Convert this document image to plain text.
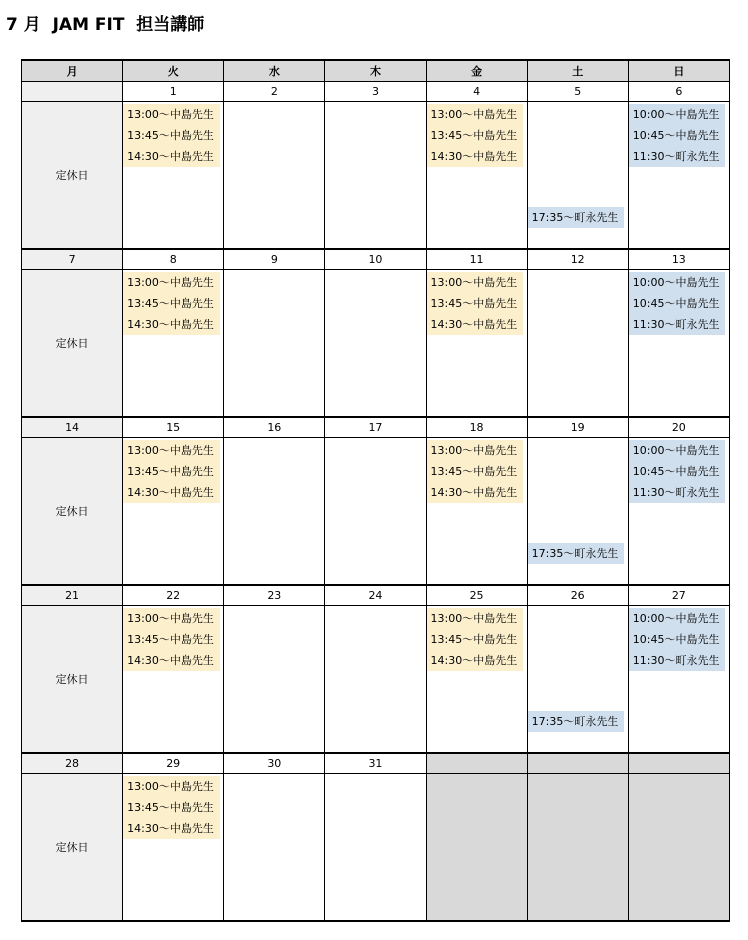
7 月  JAM FIT  担当講師
月	火	水	木	金	土	日
	1	2	3	4	5	6
定休日	13:00〜中島先生
13:45〜中島先生
14:30〜中島先生			13:00〜中島先生
13:45〜中島先生
14:30〜中島先生	17:35〜町永先生	10:00〜中島先生
10:45〜中島先生
11:30〜町永先生

7	8	9	10	11	12	13
定休日	13:00〜中島先生
13:45〜中島先生
14:30〜中島先生			13:00〜中島先生
13:45〜中島先生
14:30〜中島先生		10:00〜中島先生
10:45〜中島先生
11:30〜町永先生

14	15	16	17	18	19	20
定休日	13:00〜中島先生
13:45〜中島先生
14:30〜中島先生			13:00〜中島先生
13:45〜中島先生
14:30〜中島先生	17:35〜町永先生	10:00〜中島先生
10:45〜中島先生
11:30〜町永先生

21	22	23	24	25	26	27
定休日	13:00〜中島先生
13:45〜中島先生
14:30〜中島先生			13:00〜中島先生
13:45〜中島先生
14:30〜中島先生	17:35〜町永先生	10:00〜中島先生
10:45〜中島先生
11:30〜町永先生

28	29	30	31			
定休日	13:00〜中島先生
13:45〜中島先生
14:30〜中島先生					
